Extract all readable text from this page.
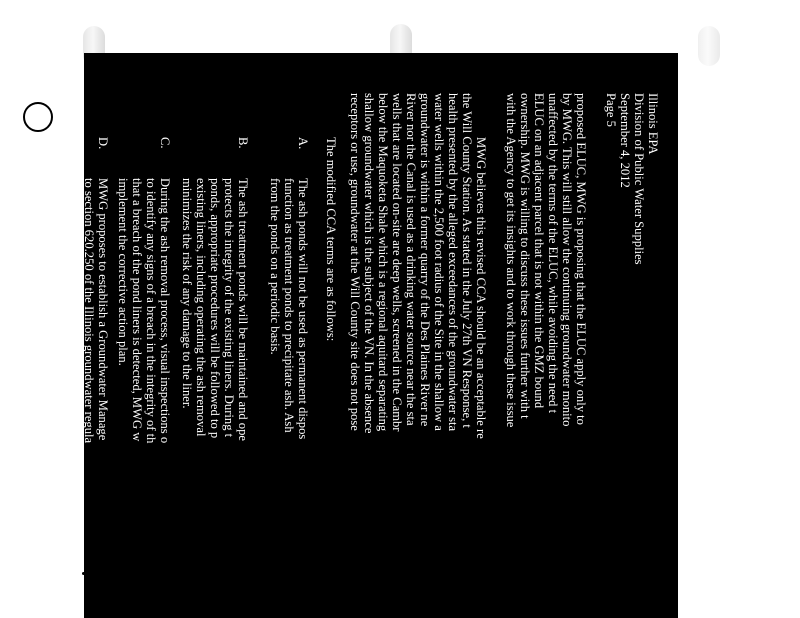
Illinois EPA
Division of Public Water Supplies
September 4, 2012
Page 5
proposed ELUC, MWG is proposing that the ELUC apply only to
by MWG. This will still allow the continuing groundwater monito
unaffected by the terms of the ELUC, while avoiding the need t
ELUC on an adjacent parcel that is not within the GMZ bound
ownership. MWG is willing to discuss these issues further with t
with the Agency to get its insights and to work through these issue
MWG believes this revised CCA should be an acceptable re
the Will County Station. As stated in the July 27th VN Response, t
health presented by the alleged exceedances of the groundwater sta
water wells within the 2,500 foot radius of the Site in the shallow a
groundwater is within a former quarry of the Des Plaines River ne
River nor the Canal is used as a drinking water source near the sta
wells that are located on-site are deep wells, screened in the Cambr
below the Maquoketa Shale which is a regional aquitard separating
shallow groundwater which is the subject of the VN. In the absence
receptors or use, groundwater at the Will County site does not pose
The modified CCA terms are as follows:
A.
The ash ponds will not be used as permanent dispos
function as treatment ponds to precipitate ash. Ash
from the ponds on a periodic basis.
B.
The ash treatment ponds will be maintained and ope
protects the integrity of the existing liners. During t
ponds, appropriate procedures will be followed to p
existing liners, including operating the ash removal
minimizes the risk of any damage to the liner.
C.
During the ash removal process, visual inspections o
to identify any signs of a breach in the integrity of th
that a breach of the pond liners is detected, MWG w
implement the corrective action plan.
D.
MWG proposes to establish a Groundwater Manage
to section 620.250 of the Illinois groundwater regula
620.250. MWG will use its best efforts to obtain the
portion of the proposed GMZ which is owned by Co
("ComEd") from the owner.
a.
The proposed eastern, western and vertical bo
dimensional GMZ are defined as follows:
